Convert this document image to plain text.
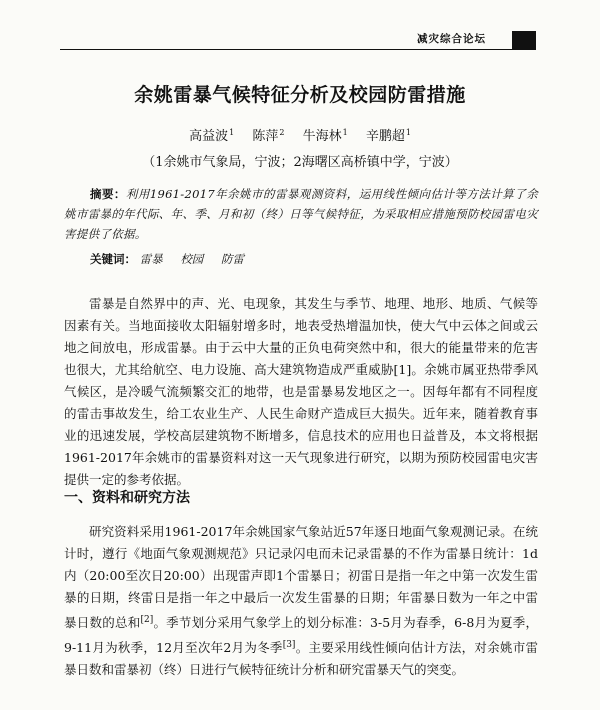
减灾综合论坛
余姚雷暴气候特征分析及校园防雷措施
高益波$^1$ 陈萍$^2$ 牛海林$^1$ 辛鹏超$^1$
（1余姚市气象局，宁波；2海曙区高桥镇中学，宁波）
摘要：利用1961-2017年余姚市的雷暴观测资料，运用线性倾向估计等方法计算了余姚市雷暴的年代际、年、季、月和初（终）日等气候特征，为采取相应措施预防校园雷电灾害提供了依据。
关键词： 雷暴 校园 防雷
雷暴是自然界中的声、光、电现象，其发生与季节、地理、地形、地质、气候等因素有关。当地面接收太阳辐射增多时，地表受热增温加快，使大气中云体之间或云地之间放电，形成雷暴。由于云中大量的正负电荷突然中和，很大的能量带来的危害也很大，尤其给航空、电力设施、高大建筑物造成严重威胁[1]。余姚市属亚热带季风气候区，是冷暖气流频繁交汇的地带，也是雷暴易发地区之一。因每年都有不同程度的雷击事故发生，给工农业生产、人民生命财产造成巨大损失。近年来，随着教育事业的迅速发展，学校高层建筑物不断增多，信息技术的应用也日益普及，本文将根据1961-2017年余姚市的雷暴资料对这一天气现象进行研究，以期为预防校园雷电灾害提供一定的参考依据。
一、资料和研究方法
研究资料采用1961-2017年余姚国家气象站近57年逐日地面气象观测记录。在统计时，遵行《地面气象观测规范》只记录闪电而未记录雷暴的不作为雷暴日统计：1d内（20:00至次日20:00）出现雷声即1个雷暴日；初雷日是指一年之中第一次发生雷暴的日期，终雷日是指一年之中最后一次发生雷暴的日期；年雷暴日数为一年之中雷暴日数的总和[2]。季节划分采用气象学上的划分标准：3-5月为春季，6-8月为夏季，9-11月为秋季，12月至次年2月为冬季[3]。主要采用线性倾向估计方法，对余姚市雷暴日数和雷暴初（终）日进行气候特征统计分析和研究雷暴天气的突变。
